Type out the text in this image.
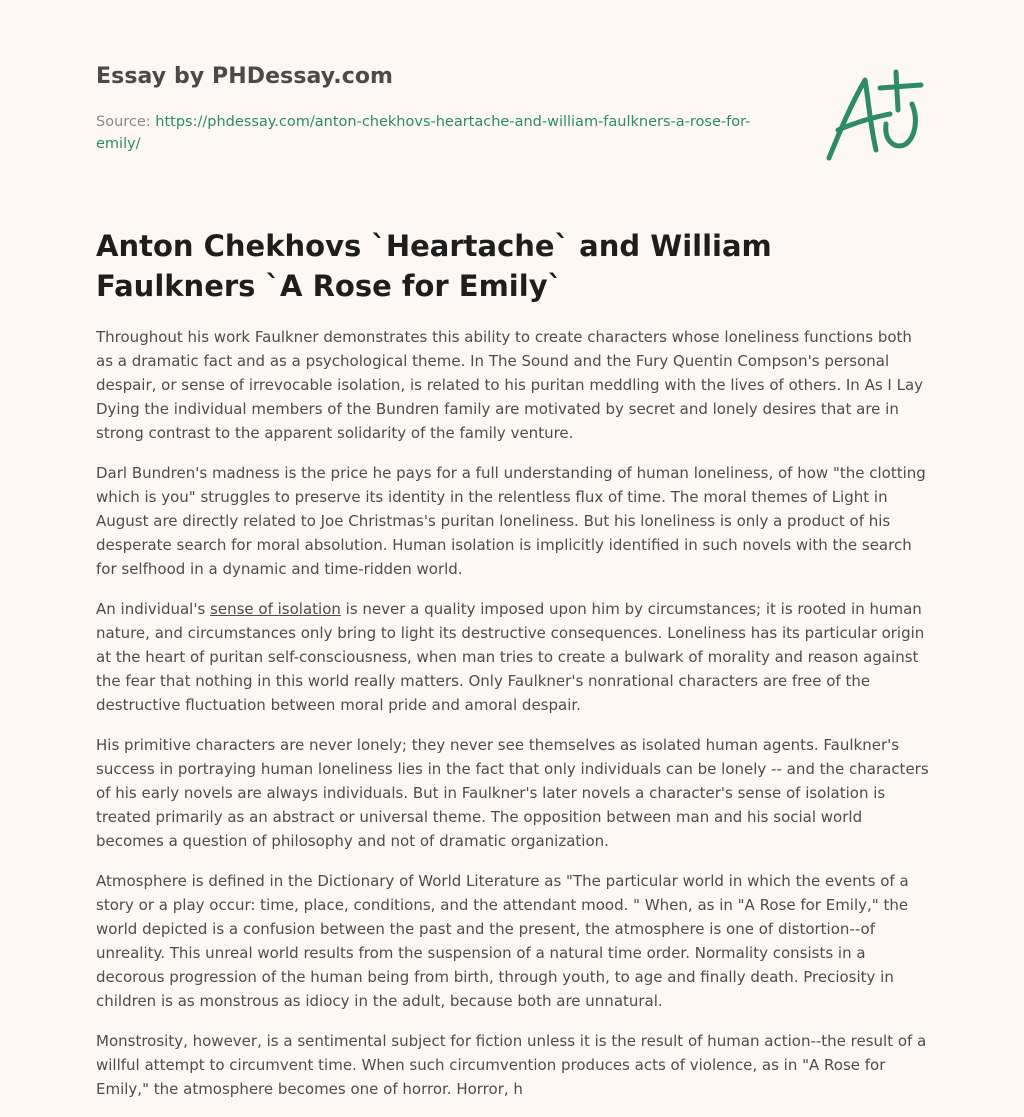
Essay by PHDessay.com
Source: https://phdessay.com/anton-chekhovs-heartache-and-william-faulkners-a-rose-for-emily/
Anton Chekhovs `Heartache` and William Faulkners `A Rose for Emily`

Throughout his work Faulkner demonstrates this ability to create characters whose loneliness functions both as a dramatic fact and as a psychological theme. In The Sound and the Fury Quentin Compson's personal despair, or sense of irrevocable isolation, is related to his puritan meddling with the lives of others. In As I Lay Dying the individual members of the Bundren family are motivated by secret and lonely desires that are in strong contrast to the apparent solidarity of the family venture.

Darl Bundren's madness is the price he pays for a full understanding of human loneliness, of how "the clotting which is you" struggles to preserve its identity in the relentless flux of time. The moral themes of Light in August are directly related to Joe Christmas's puritan loneliness. But his loneliness is only a product of his desperate search for moral absolution. Human isolation is implicitly identified in such novels with the search for selfhood in a dynamic and time-ridden world.

An individual's sense of isolation is never a quality imposed upon him by circumstances; it is rooted in human nature, and circumstances only bring to light its destructive consequences. Loneliness has its particular origin at the heart of puritan self-consciousness, when man tries to create a bulwark of morality and reason against the fear that nothing in this world really matters. Only Faulkner's nonrational characters are free of the destructive fluctuation between moral pride and amoral despair.

His primitive characters are never lonely; they never see themselves as isolated human agents. Faulkner's success in portraying human loneliness lies in the fact that only individuals can be lonely -- and the characters of his early novels are always individuals. But in Faulkner's later novels a character's sense of isolation is treated primarily as an abstract or universal theme. The opposition between man and his social world becomes a question of philosophy and not of dramatic organization.

Atmosphere is defined in the Dictionary of World Literature as "The particular world in which the events of a story or a play occur: time, place, conditions, and the attendant mood. " When, as in "A Rose for Emily," the world depicted is a confusion between the past and the present, the atmosphere is one of distortion--of unreality. This unreal world results from the suspension of a natural time order. Normality consists in a decorous progression of the human being from birth, through youth, to age and finally death. Preciosity in children is as monstrous as idiocy in the adult, because both are unnatural.

Monstrosity, however, is a sentimental subject for fiction unless it is the result of human action--the result of a willful attempt to circumvent time. When such circumvention produces acts of violence, as in "A Rose for Emily," the atmosphere becomes one of horror. Horror, h
